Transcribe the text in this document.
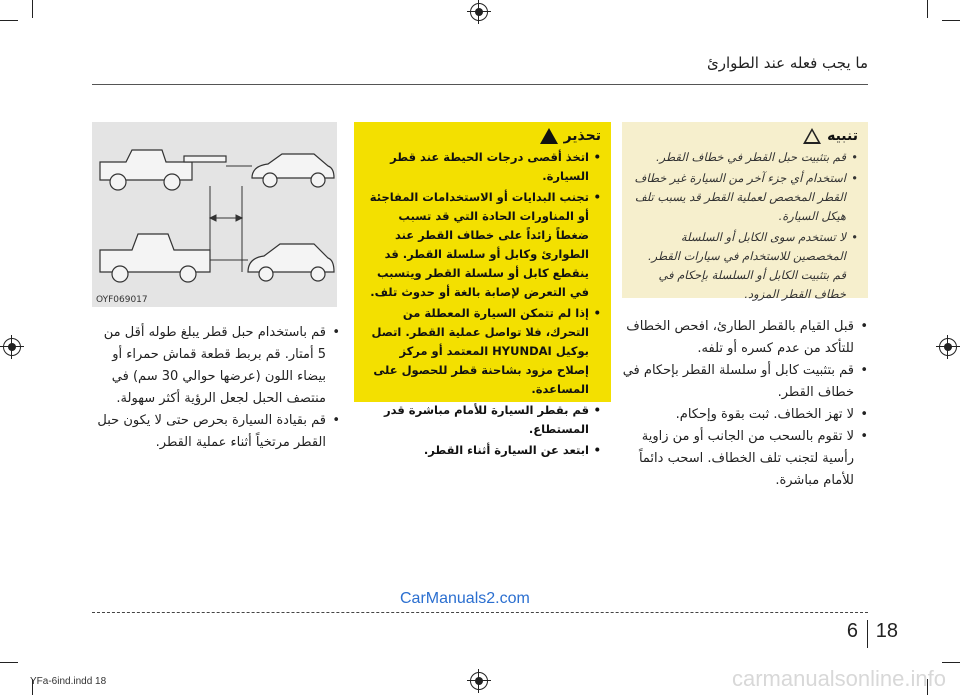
ما يجب فعله عند الطوارئ
تنبيه
• قم بتثبيت حبل القطر في خطاف القطر.
• استخدام أي جزء آخر من السيارة غير خطاف القطر المخصص لعملية القطر قد يسبب تلف هيكل السيارة.
• لا تستخدم سوى الكابل أو السلسلة المخصصين للاستخدام في سيارات القطر. قم بتثبيت الكابل أو السلسلة بإحكام في خطاف القطر المزود.
تحذير
• اتخذ أقصى درجات الحيطة عند قطر السيارة.
• تجنب البدايات أو الاستخدامات المفاجئة أو المناورات الحادة التي قد تسبب ضغطاً زائداً على خطاف القطر عند الطوارئ وكابل أو سلسلة القطر. قد ينقطع كابل أو سلسلة القطر ويتسبب في التعرض لإصابة بالغة أو حدوث تلف.
• إذا لم تتمكن السيارة المعطلة من التحرك، فلا تواصل عملية القطر. اتصل بوكيل HYUNDAI المعتمد أو مركز إصلاح مزود بشاحنة قطر للحصول على المساعدة.
• قم بقطر السيارة للأمام مباشرة قدر المستطاع.
• ابتعد عن السيارة أثناء القطر.
• قبل القيام بالقطر الطارئ، افحص الخطاف للتأكد من عدم كسره أو تلفه.
• قم بتثبيت كابل أو سلسلة القطر بإحكام في خطاف القطر.
• لا تهز الخطاف. ثبت بقوة وإحكام.
• لا تقوم بالسحب من الجانب أو من زاوية رأسية لتجنب تلف الخطاف. اسحب دائماً للأمام مباشرة.
OYF069017
• قم باستخدام حبل قطر يبلغ طوله أقل من 5 أمتار. قم بربط قطعة قماش حمراء أو بيضاء اللون (عرضها حوالي 30 سم) في منتصف الحبل لجعل الرؤية أكثر سهولة.
• قم بقيادة السيارة بحرص حتى لا يكون حبل القطر مرتخياً أثناء عملية القطر.
CarManuals2.com
6 18
YFa-6ind.indd 18	carmanualsonline.info
